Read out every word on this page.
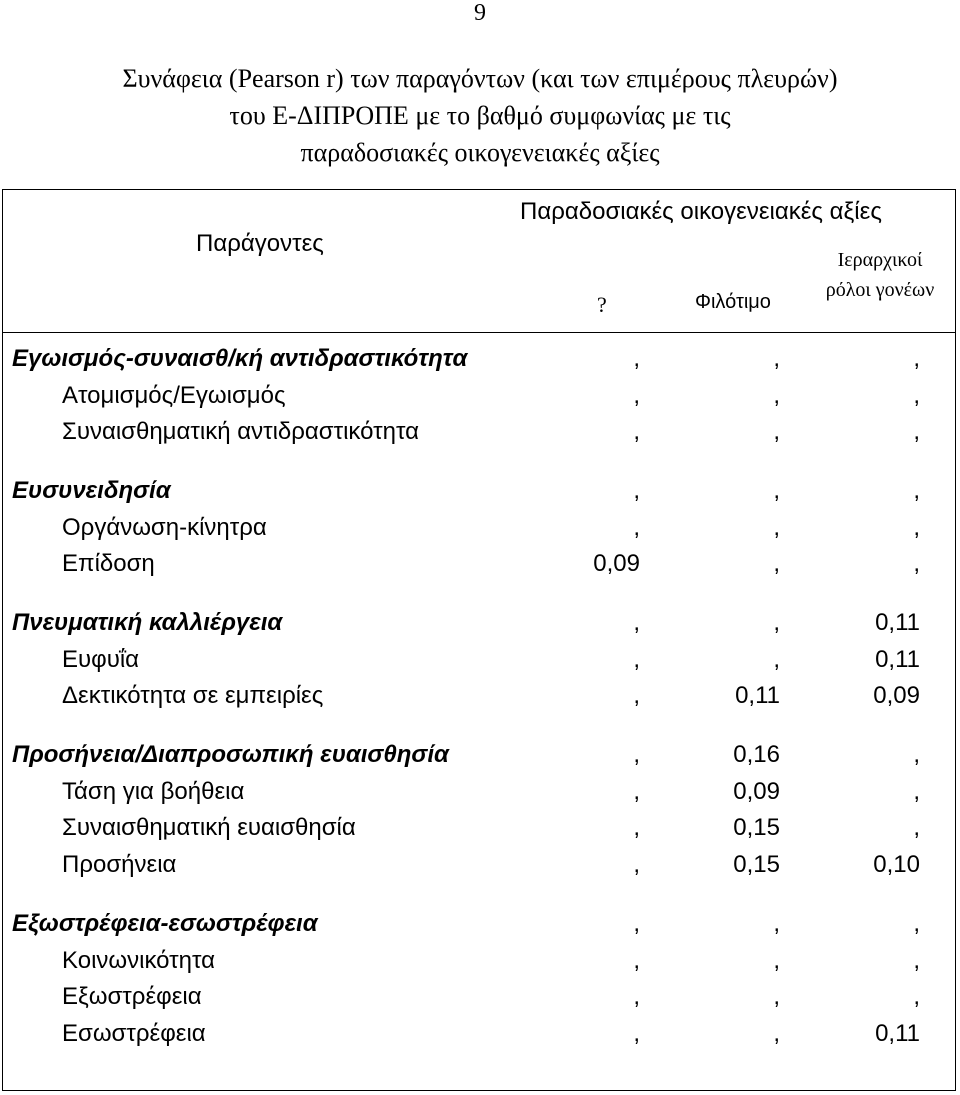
9
Συνάφεια (Pearson r) των παραγόντων (και των επιμέρους πλευρών)
του Ε-ΔΙΠΡΟΠΕ με το βαθμό συμφωνίας με τις
παραδοσιακές οικογενειακές αξίες
Παράγοντες
Παραδοσιακές οικογενειακές αξίες
?	Φιλότιμο
Ιεραρχικοί ρόλοι γονέων
Εγωισμός-συναισθ/κή αντιδραστικότητα	,	,	,
Ατομισμός/Εγωισμός	,	,	,
Συναισθηματική αντιδραστικότητα	,	,	,
Ευσυνειδησία	,	,	,
Οργάνωση-κίνητρα	,	,	,
Επίδοση	0,09	,	,
Πνευματική καλλιέργεια	,	,	0,11
Ευφυΐα	,	,	0,11
Δεκτικότητα σε εμπειρίες	,	0,11	0,09
Προσήνεια/Διαπροσωπική ευαισθησία	,	0,16	,
Τάση για βοήθεια	,	0,09	,
Συναισθηματική ευαισθησία	,	0,15	,
Προσήνεια	,	0,15	0,10
Εξωστρέφεια-εσωστρέφεια	,	,	,
Κοινωνικότητα	,	,	,
Εξωστρέφεια	,	,	,
Εσωστρέφεια	,	,	0,11
